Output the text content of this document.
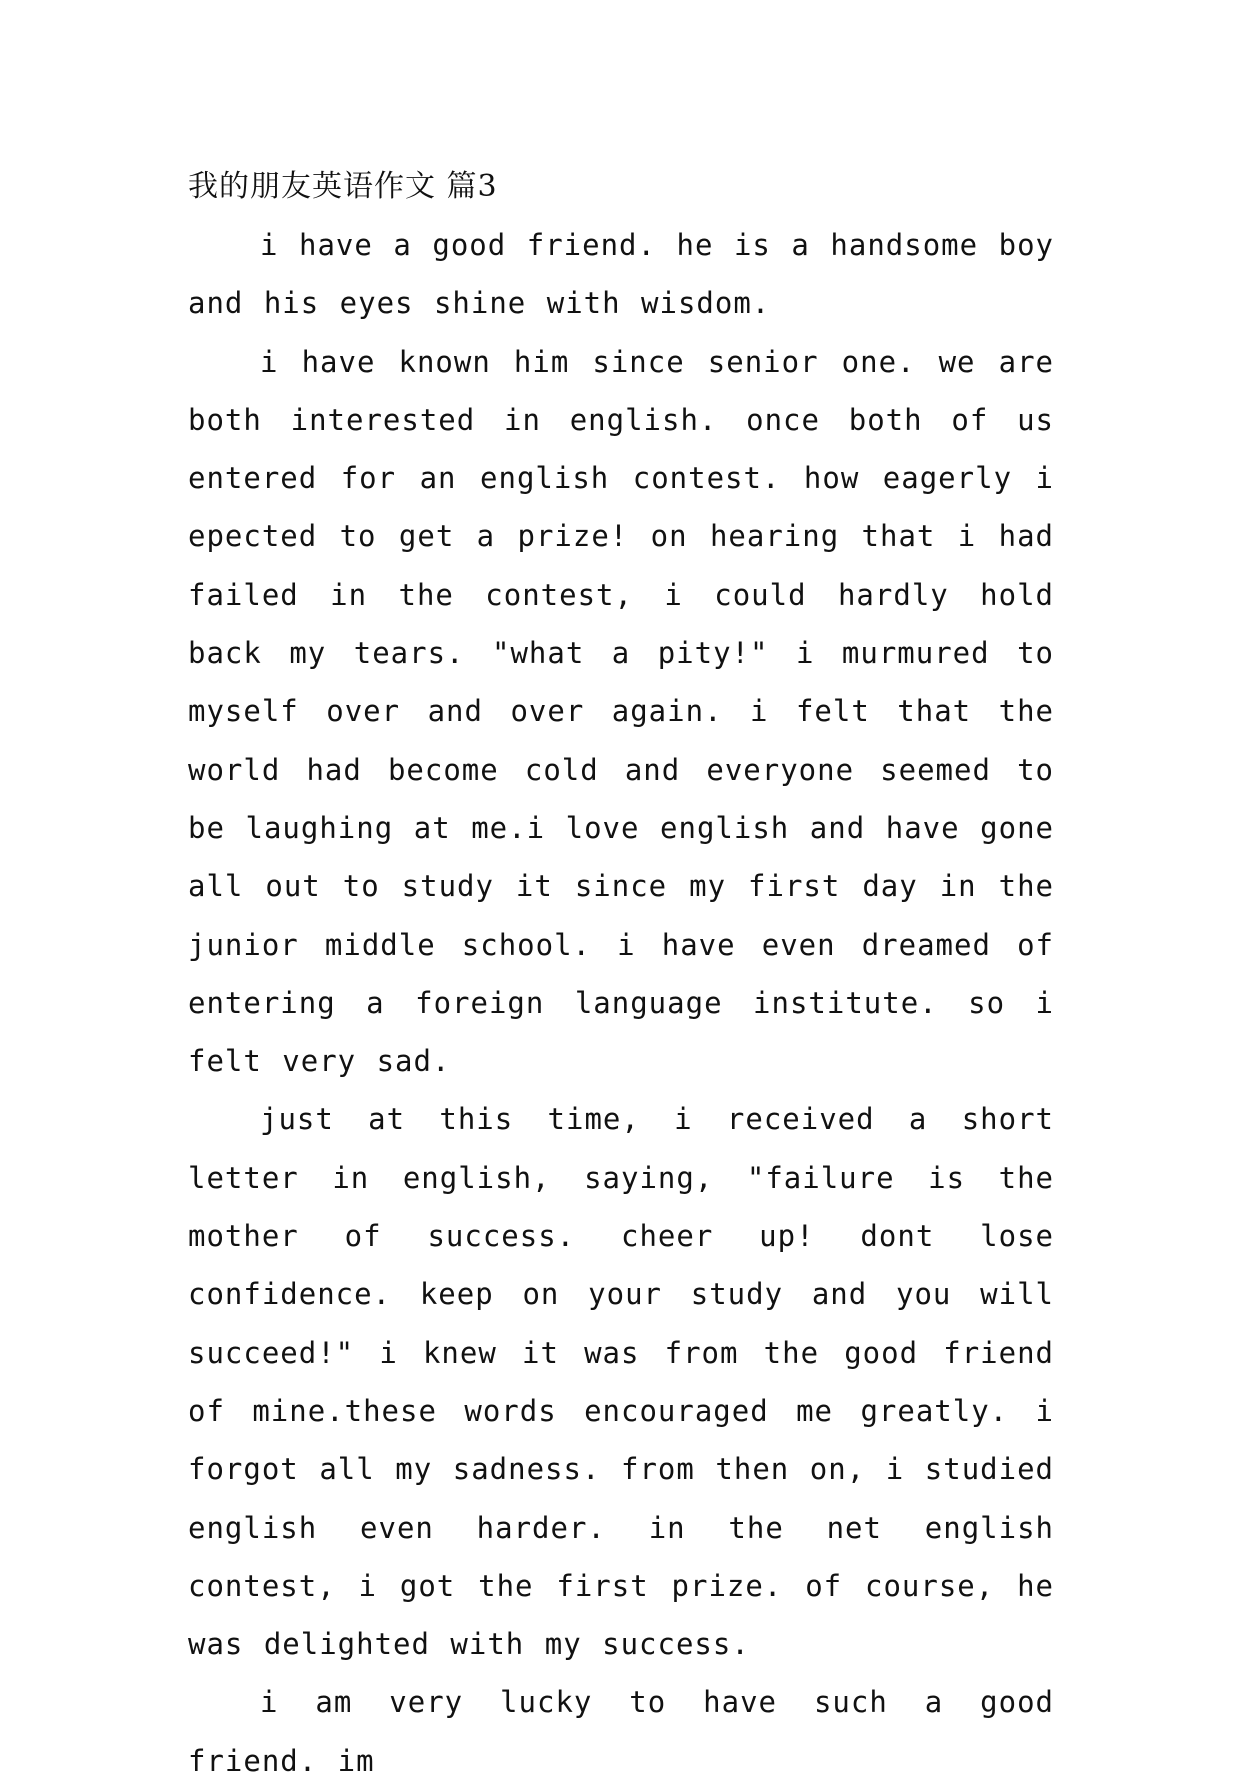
我的朋友英语作文 篇3

i have a good friend. he is a handsome boy and his eyes shine with wisdom.

i have known him since senior one. we are both interested in english. once both of us entered for an english contest. how eagerly i epected to get a prize! on hearing that i had failed in the contest, i could hardly hold back my tears. "what a pity!" i murmured to myself over and over again. i felt that the world had become cold and everyone seemed to be laughing at me.i love english and have gone all out to study it since my first day in the junior middle school. i have even dreamed of entering a foreign language institute. so i felt very sad.

just at this time, i received a short letter in english, saying, "failure is the mother of success. cheer up! dont lose confidence. keep on your study and you will succeed!" i knew it was from the good friend of mine.these words encouraged me greatly. i forgot all my sadness. from then on, i studied english even harder. in the net english contest, i got the first prize. of course, he was delighted with my success.

i am very lucky to have such a good friend. im
